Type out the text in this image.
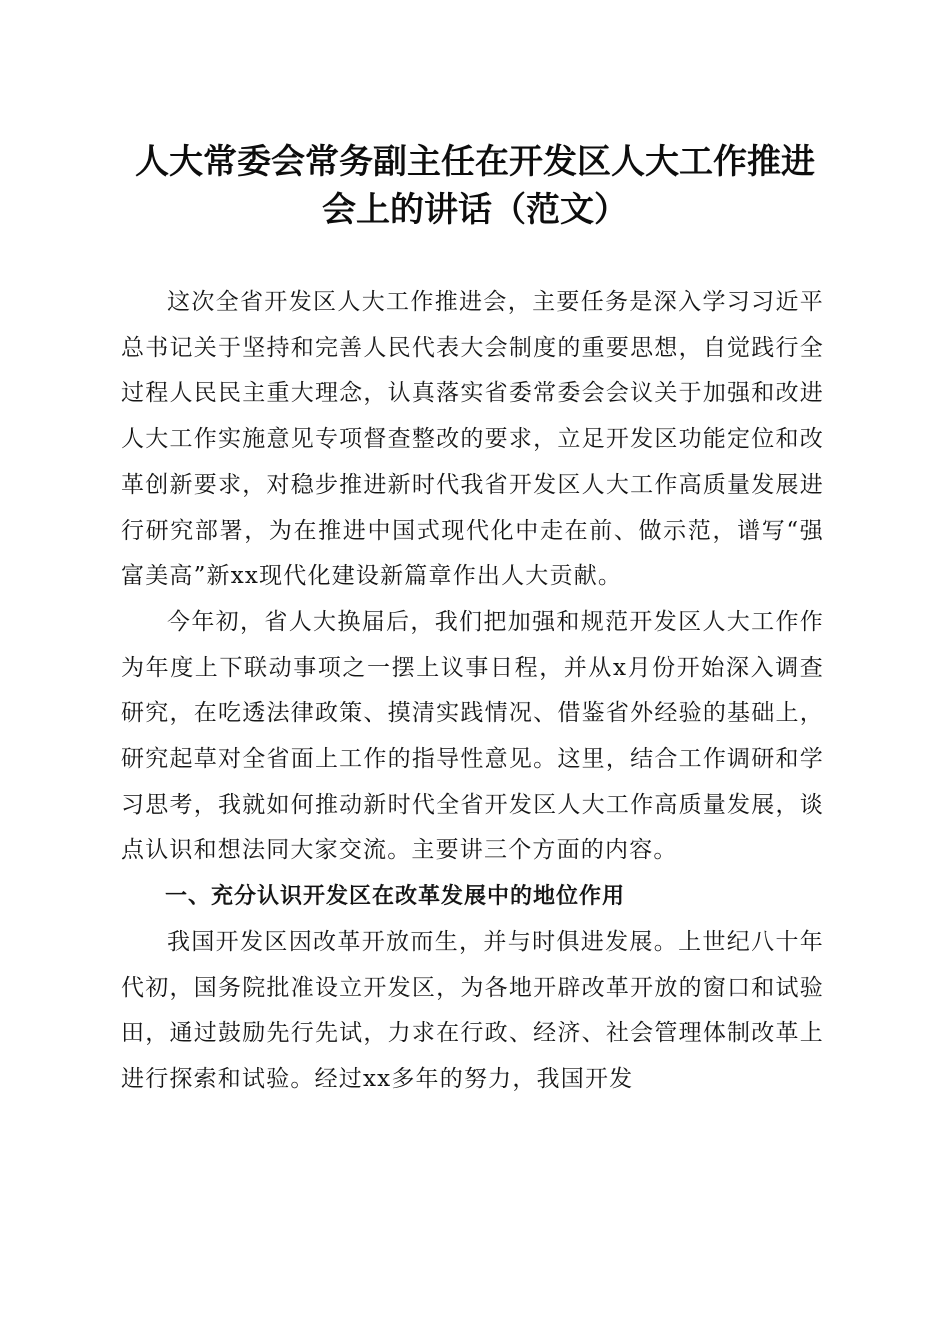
人大常委会常务副主任在开发区人大工作推进
会上的讲话（范文）

这次全省开发区人大工作推进会，主要任务是深入学习习近平总书记关于坚持和完善人民代表大会制度的重要思想，自觉践行全过程人民民主重大理念，认真落实省委常委会会议关于加强和改进人大工作实施意见专项督查整改的要求，立足开发区功能定位和改革创新要求，对稳步推进新时代我省开发区人大工作高质量发展进行研究部署，为在推进中国式现代化中走在前、做示范，谱写“强富美高”新xx现代化建设新篇章作出人大贡献。

今年初，省人大换届后，我们把加强和规范开发区人大工作作为年度上下联动事项之一摆上议事日程，并从x月份开始深入调查研究，在吃透法律政策、摸清实践情况、借鉴省外经验的基础上，研究起草对全省面上工作的指导性意见。这里，结合工作调研和学习思考，我就如何推动新时代全省开发区人大工作高质量发展，谈点认识和想法同大家交流。主要讲三个方面的内容。

一、充分认识开发区在改革发展中的地位作用

我国开发区因改革开放而生，并与时俱进发展。上世纪八十年代初，国务院批准设立开发区，为各地开辟改革开放的窗口和试验田，通过鼓励先行先试，力求在行政、经济、社会管理体制改革上进行探索和试验。经过xx多年的努力，我国开发
